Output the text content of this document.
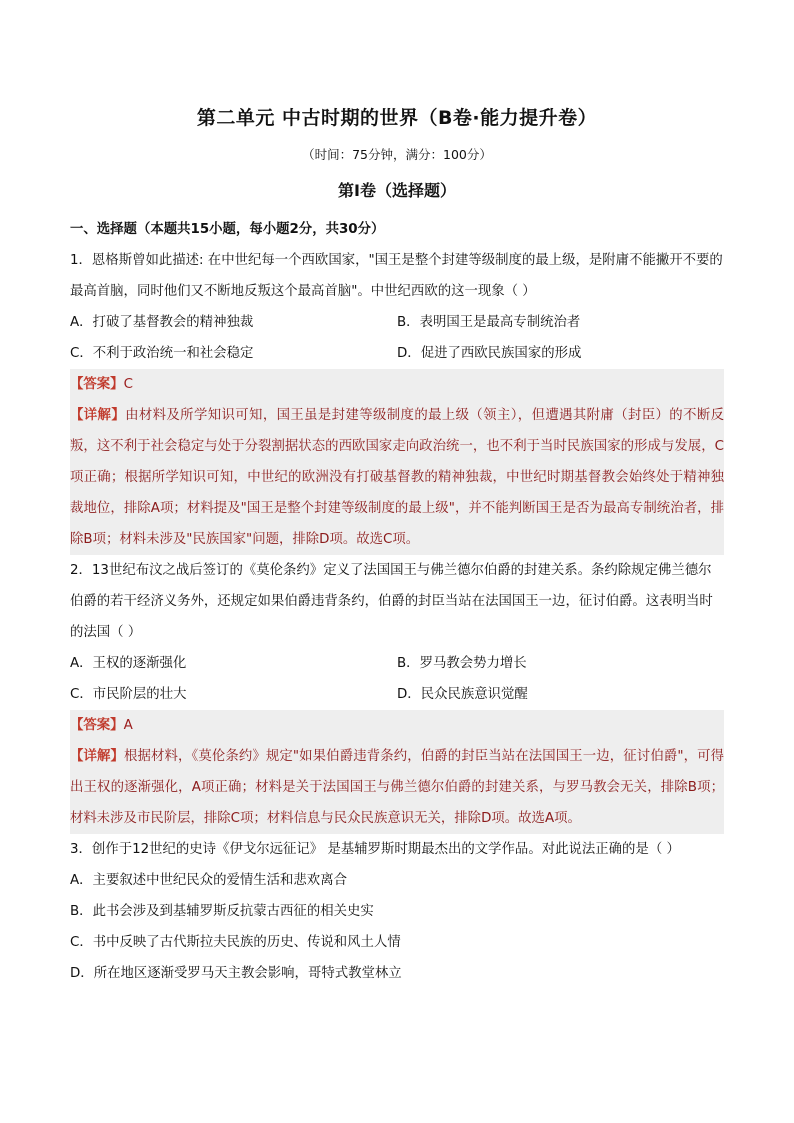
第二单元 中古时期的世界（B卷·能力提升卷）
（时间：75分钟，满分：100分）
第Ⅰ卷（选择题）

一、选择题（本题共15小题，每小题2分，共30分）

1．恩格斯曾如此描述: 在中世纪每一个西欧国家，"国王是整个封建等级制度的最上级，是附庸不能撇开不要的最高首脑，同时他们又不断地反叛这个最高首脑"。中世纪西欧的这一现象（ ）

A．打破了基督教会的精神独裁	B．表明国王是最高专制统治者
C．不利于政治统一和社会稳定	D．促进了西欧民族国家的形成

【答案】C

【详解】由材料及所学知识可知，国王虽是封建等级制度的最上级（领主），但遭遇其附庸（封臣）的不断反叛，这不利于社会稳定与处于分裂割据状态的西欧国家走向政治统一，也不利于当时民族国家的形成与发展，C项正确；根据所学知识可知，中世纪的欧洲没有打破基督教的精神独裁，中世纪时期基督教会始终处于精神独裁地位，排除A项；材料提及"国王是整个封建等级制度的最上级"，并不能判断国王是否为最高专制统治者，排除B项；材料未涉及"民族国家"问题，排除D项。故选C项。

2．13世纪布汶之战后签订的《莫伦条约》定义了法国国王与佛兰德尔伯爵的封建关系。条约除规定佛兰德尔伯爵的若干经济义务外，还规定如果伯爵违背条约，伯爵的封臣当站在法国国王一边，征讨伯爵。这表明当时的法国（ ）

A．王权的逐渐强化	B．罗马教会势力增长
C．市民阶层的壮大	D．民众民族意识觉醒

【答案】A

【详解】根据材料，《莫伦条约》规定"如果伯爵违背条约，伯爵的封臣当站在法国国王一边，征讨伯爵"，可得出王权的逐渐强化，A项正确；材料是关于法国国王与佛兰德尔伯爵的封建关系，与罗马教会无关，排除B项；材料未涉及市民阶层，排除C项；材料信息与民众民族意识无关，排除D项。故选A项。

3．创作于12世纪的史诗《伊戈尔远征记》 是基辅罗斯时期最杰出的文学作品。对此说法正确的是（ ）

A．主要叙述中世纪民众的爱情生活和悲欢离合
B．此书会涉及到基辅罗斯反抗蒙古西征的相关史实
C．书中反映了古代斯拉夫民族的历史、传说和风土人情
D．所在地区逐渐受罗马天主教会影响，哥特式教堂林立
